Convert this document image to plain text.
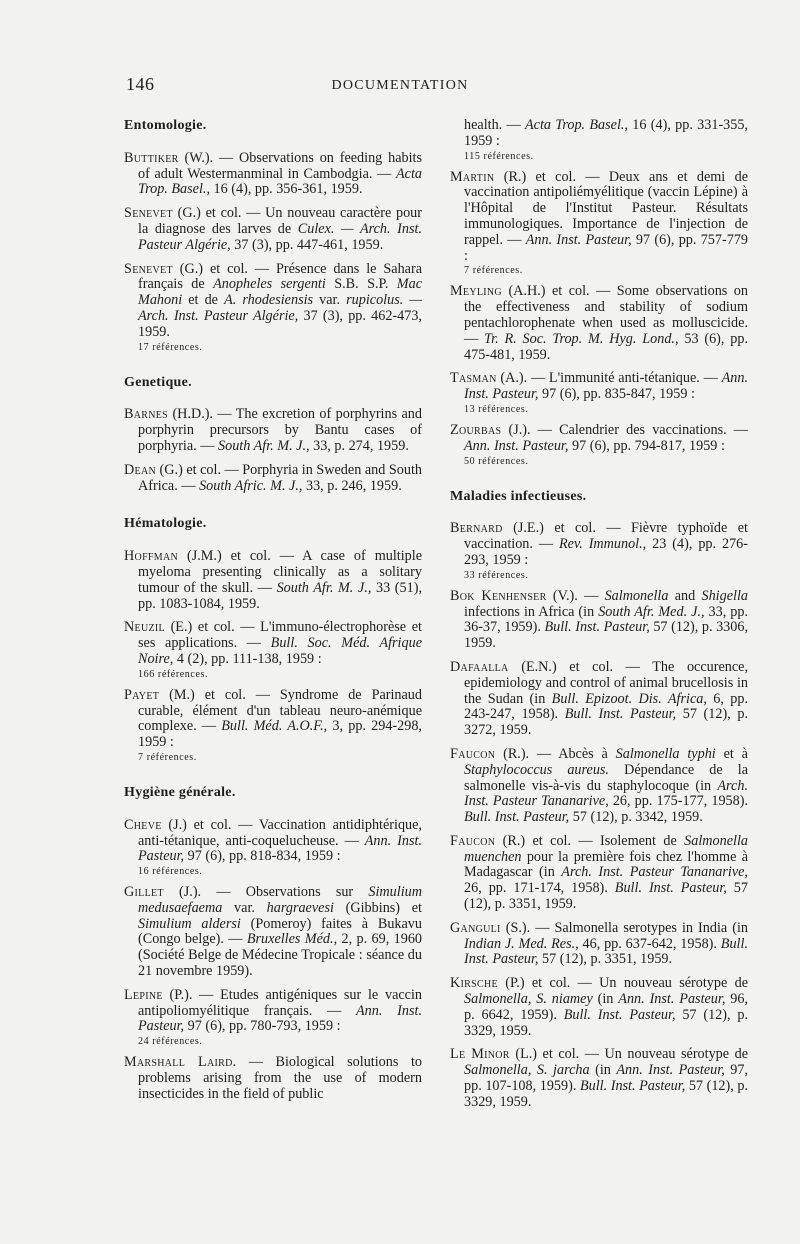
146	DOCUMENTATION
Entomologie.

Buttiker (W.). — Observations on feeding habits of adult Westermanminal in Cambodgia. — Acta Trop. Basel., 16 (4), pp. 356-361, 1959.

Senevet (G.) et col. — Un nouveau caractère pour la diagnose des larves de Culex. — Arch. Inst. Pasteur Algérie, 37 (3), pp. 447-461, 1959.

Senevet (G.) et col. — Présence dans le Sahara français de Anopheles sergenti S.B. S.P. Mac Mahoni et de A. rhodesiensis var. rupicolus. — Arch. Inst. Pasteur Algérie, 37 (3), pp. 462-473, 1959.
17 références.

Genetique.

Barnes (H.D.). — The excretion of porphyrins and porphyrin precursors by Bantu cases of porphyria. — South Afr. M. J., 33, p. 274, 1959.

Dean (G.) et col. — Porphyria in Sweden and South Africa. — South Afric. M. J., 33, p. 246, 1959.

Hématologie.

Hoffman (J.M.) et col. — A case of multiple myeloma presenting clinically as a solitary tumour of the skull. — South Afr. M. J., 33 (51), pp. 1083-1084, 1959.

Neuzil (E.) et col. — L'immuno-électrophorèse et ses applications. — Bull. Soc. Méd. Afrique Noire, 4 (2), pp. 111-138, 1959 :
166 références.

Payet (M.) et col. — Syndrome de Parinaud curable, élément d'un tableau neuro-anémique complexe. — Bull. Méd. A.O.F., 3, pp. 294-298, 1959 :
7 références.

Hygiène générale.

Cheve (J.) et col. — Vaccination antidiphtérique, anti-tétanique, anti-coquelucheuse. — Ann. Inst. Pasteur, 97 (6), pp. 818-834, 1959 :
16 références.

Gillet (J.). — Observations sur Simulium medusaefaema var. hargraevesi (Gibbins) et Simulium aldersi (Pomeroy) faites à Bukavu (Congo belge). — Bruxelles Méd., 2, p. 69, 1960 (Société Belge de Médecine Tropicale : séance du 21 novembre 1959).

Lepine (P.). — Etudes antigéniques sur le vaccin antipoliomyélitique français. — Ann. Inst. Pasteur, 97 (6), pp. 780-793, 1959 :
24 références.

Marshall Laird. — Biological solutions to problems arising from the use of modern insecticides in the field of public

health. — Acta Trop. Basel., 16 (4), pp. 331-355, 1959 :
115 références.

Martin (R.) et col. — Deux ans et demi de vaccination antipoliémyélitique (vaccin Lépine) à l'Hôpital de l'Institut Pasteur. Résultats immunologiques. Importance de l'injection de rappel. — Ann. Inst. Pasteur, 97 (6), pp. 757-779 :
7 références.

Meyling (A.H.) et col. — Some observations on the effectiveness and stability of sodium pentachlorophenate when used as molluscicide. — Tr. R. Soc. Trop. M. Hyg. Lond., 53 (6), pp. 475-481, 1959.

Tasman (A.). — L'immunité anti-tétanique. — Ann. Inst. Pasteur, 97 (6), pp. 835-847, 1959 :
13 références.

Zourbas (J.). — Calendrier des vaccinations. — Ann. Inst. Pasteur, 97 (6), pp. 794-817, 1959 :
50 références.

Maladies infectieuses.

Bernard (J.E.) et col. — Fièvre typhoïde et vaccination. — Rev. Immunol., 23 (4), pp. 276-293, 1959 :
33 références.

Bok Kenhenser (V.). — Salmonella and Shigella infections in Africa (in South Afr. Med. J., 33, pp. 36-37, 1959). Bull. Inst. Pasteur, 57 (12), p. 3306, 1959.

Dafaalla (E.N.) et col. — The occurence, epidemiology and control of animal brucellosis in the Sudan (in Bull. Epizoot. Dis. Africa, 6, pp. 243-247, 1958). Bull. Inst. Pasteur, 57 (12), p. 3272, 1959.

Faucon (R.). — Abcès à Salmonella typhi et à Staphylococcus aureus. Dépendance de la salmonelle vis-à-vis du staphylocoque (in Arch. Inst. Pasteur Tananarive, 26, pp. 175-177, 1958). Bull. Inst. Pasteur, 57 (12), p. 3342, 1959.

Faucon (R.) et col. — Isolement de Salmonella muenchen pour la première fois chez l'homme à Madagascar (in Arch. Inst. Pasteur Tananarive, 26, pp. 171-174, 1958). Bull. Inst. Pasteur, 57 (12), p. 3351, 1959.

Ganguli (S.). — Salmonella serotypes in India (in Indian J. Med. Res., 46, pp. 637-642, 1958). Bull. Inst. Pasteur, 57 (12), p. 3351, 1959.

Kirsche (P.) et col. — Un nouveau sérotype de Salmonella, S. niamey (in Ann. Inst. Pasteur, 96, p. 6642, 1959). Bull. Inst. Pasteur, 57 (12), p. 3329, 1959.

Le Minor (L.) et col. — Un nouveau sérotype de Salmonella, S. jarcha (in Ann. Inst. Pasteur, 97, pp. 107-108, 1959). Bull. Inst. Pasteur, 57 (12), p. 3329, 1959.
